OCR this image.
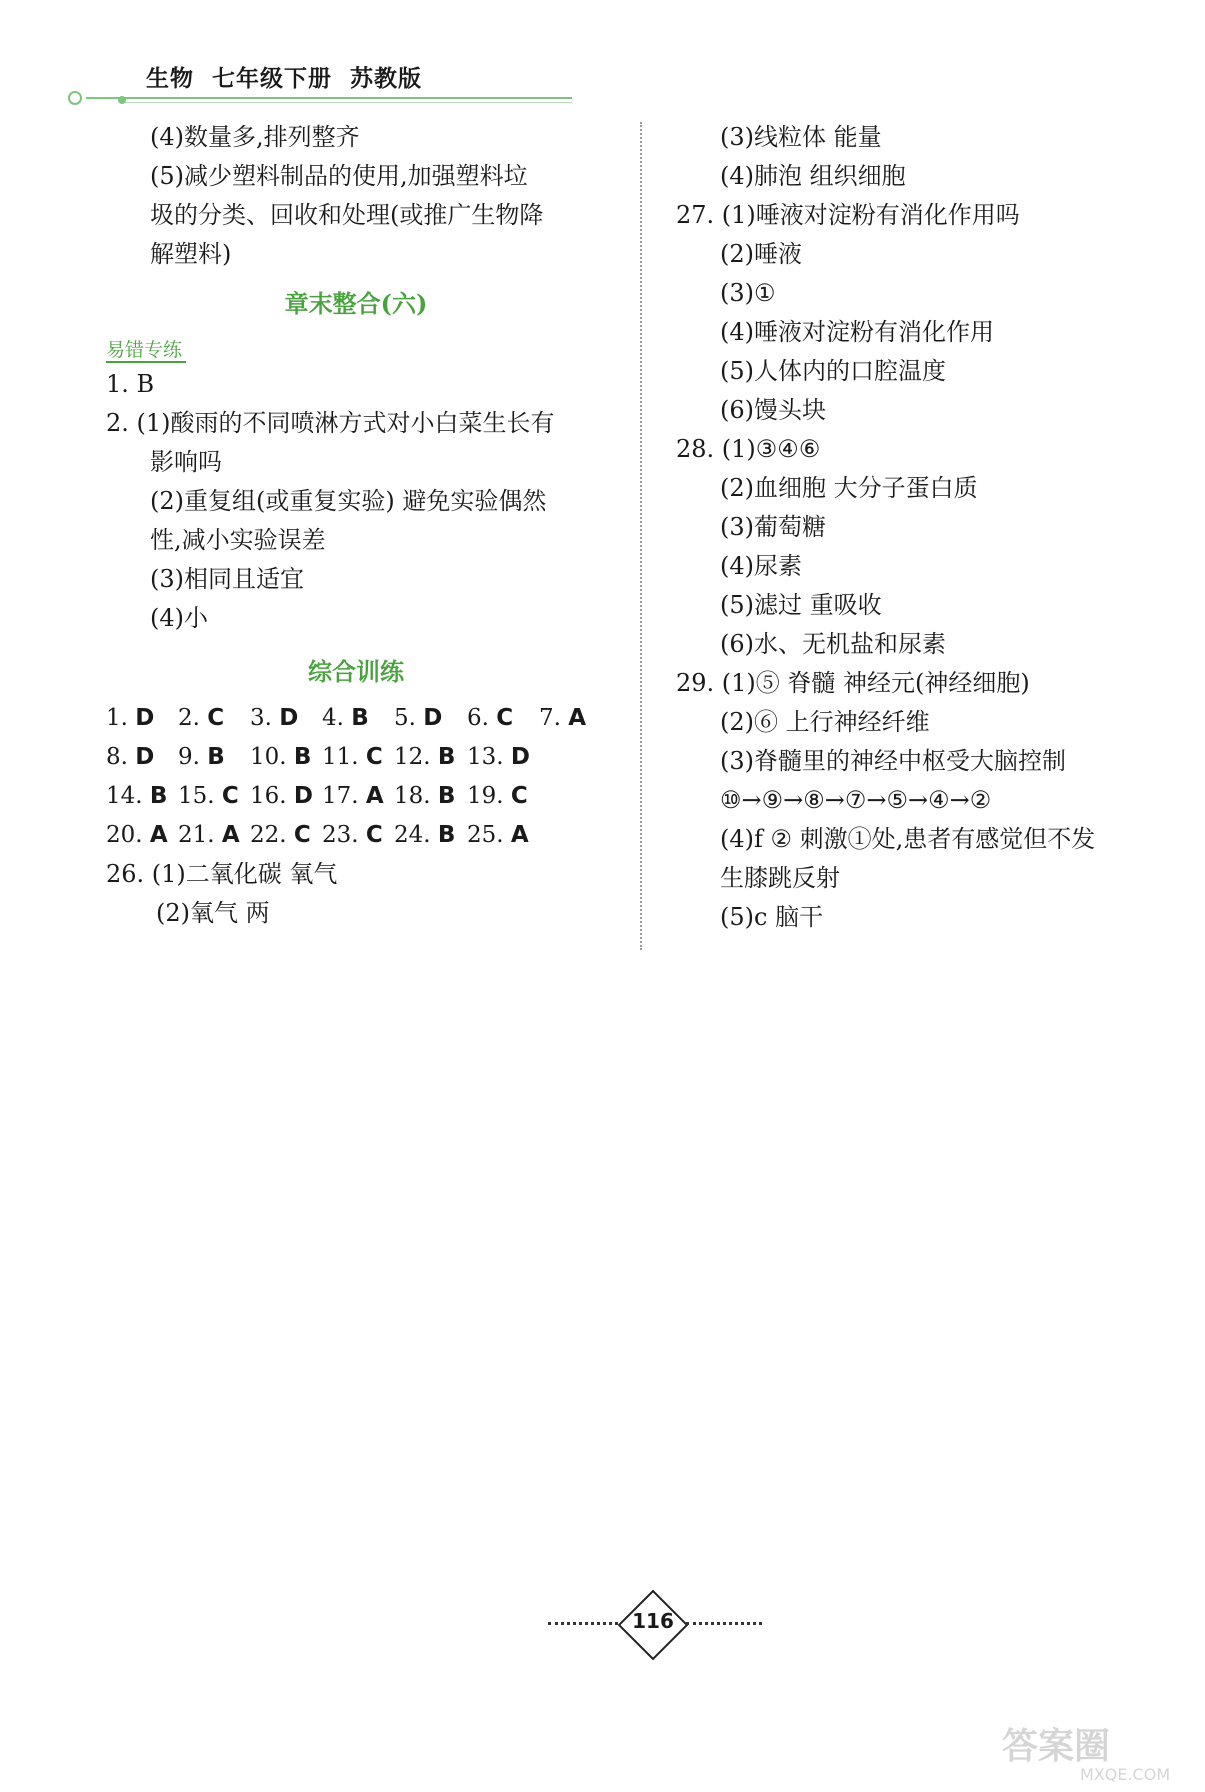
生物  七年级下册  苏教版
(4)数量多,排列整齐
(5)减少塑料制品的使用,加强塑料垃
圾的分类、回收和处理(或推广生物降
解塑料)
章末整合(六)
易错专练
1. B
2. (1)酸雨的不同喷淋方式对小白菜生长有
影响吗
(2)重复组(或重复实验) 避免实验偶然
性,减小实验误差
(3)相同且适宜
(4)小
综合训练
1. D	2. C	3. D	4. B	5. D	6. C	7. A
8. D	9. B	10. B 11. C 12. B 13. D
14. B 15. C 16. D 17. A 18. B 19. C
20. A 21. A 22. C 23. C 24. B 25. A
26. (1)二氧化碳 氧气
(2)氧气 两
(3)线粒体 能量
(4)肺泡 组织细胞
27. (1)唾液对淀粉有消化作用吗
(2)唾液
(3)①
(4)唾液对淀粉有消化作用
(5)人体内的口腔温度
(6)馒头块
28. (1)③④⑥
(2)血细胞 大分子蛋白质
(3)葡萄糖
(4)尿素
(5)滤过 重吸收
(6)水、无机盐和尿素
29. (1)⑤ 脊髓 神经元(神经细胞)
(2)⑥ 上行神经纤维
(3)脊髓里的神经中枢受大脑控制
⑩→⑨→⑧→⑦→⑤→④→②
(4)f ② 刺激①处,患者有感觉但不发
生膝跳反射
(5)c 脑干
116
答案圈
MXQE.COM
